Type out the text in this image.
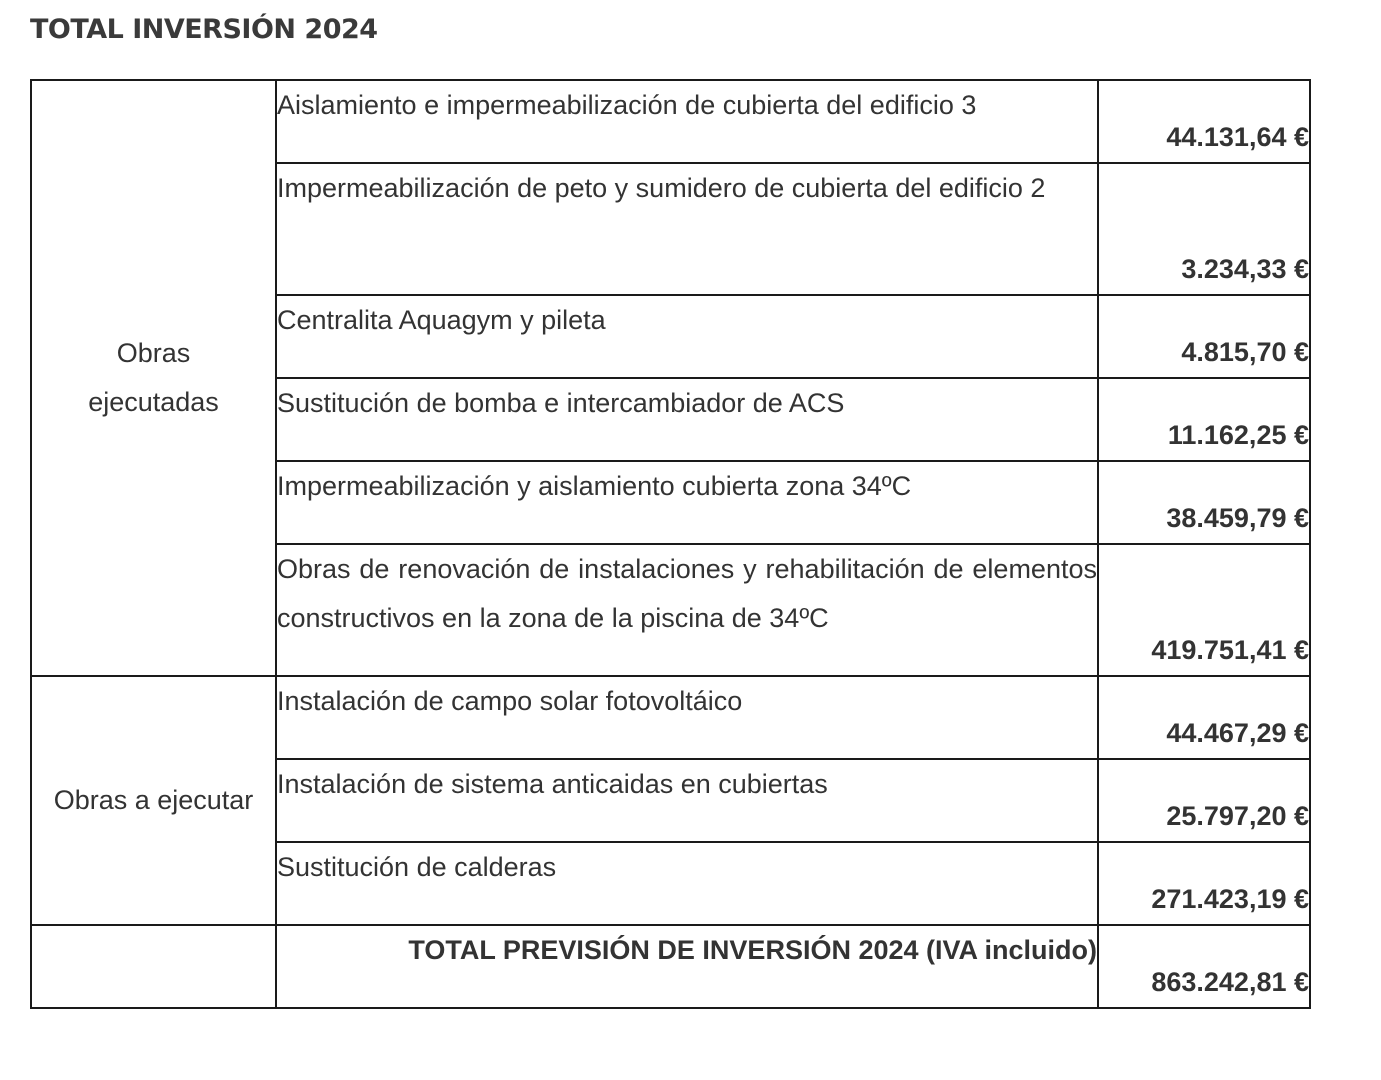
TOTAL INVERSIÓN 2024
Obras ejecutadas	Aislamiento e impermeabilización de cubierta del edificio 3	44.131,64 €
	Impermeabilización de peto y sumidero de cubierta del edificio 2	3.234,33 €
	Centralita Aquagym y pileta	4.815,70 €
	Sustitución de bomba e intercambiador de ACS	11.162,25 €
	Impermeabilización y aislamiento cubierta zona 34ºC	38.459,79 €
	Obras de renovación de instalaciones y rehabilitación de elementos constructivos en la zona de la piscina de 34ºC	419.751,41 €
Obras a ejecutar	Instalación de campo solar fotovoltáico	44.467,29 €
	Instalación de sistema anticaidas en cubiertas	25.797,20 €
	Sustitución de calderas	271.423,19 €
	TOTAL PREVISIÓN DE INVERSIÓN 2024 (IVA incluido)	863.242,81 €
